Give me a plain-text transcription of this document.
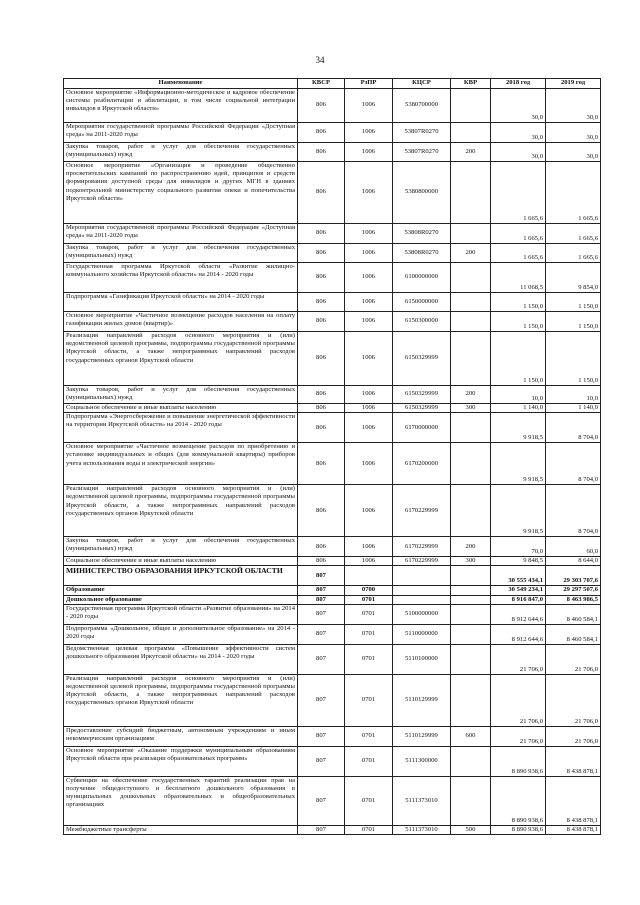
34
Наименование	КВСР	РзПР	КЦСР	КВР	2018 год	2019 год
Основное мероприятие «Информационно-методическое и кадровое обеспечение системы реабилитации и абилитации, в том числе социальной интеграции инвалидов в Иркутской области»	806	1006	5380700000		30,0	30,0
Мероприятия государственной программы Российской Федерации «Доступная среда» на 2011-2020 годы	806	1006	53807R0270		30,0	30,0
Закупка товаров, работ и услуг для обеспечения государственных (муниципальных) нужд	806	1006	53807R0270	200	30,0	30,0
Основное мероприятие «Организация и проведение общественно просветительских кампаний по распространению идей, принципов и средств формирования доступной среды для инвалидов и других МГН в зданиях подконтрольной министерству социального развития опеки и попечительства Иркутской области»	806	1006	5380800000		1 665,6	1 665,6
Мероприятия государственной программы Российской Федерации «Доступная среда» на 2011-2020 годы	806	1006	53808R0270		1 665,6	1 665,6
Закупка товаров, работ и услуг для обеспечения государственных (муниципальных) нужд	806	1006	53808R0270	200	1 665,6	1 665,6
Государственная программа Иркутской области «Развитие жилищно-коммунального хозяйства Иркутской области» на 2014 - 2020 годы	806	1006	6100000000		11 068,5	9 854,0
Подпрограмма «Газификация Иркутской области» на 2014 - 2020 годы	806	1006	6150000000		1 150,0	1 150,0
Основное мероприятие «Частичное возмещение расходов населения на оплату газификации жилых домов (квартир)»	806	1006	6150300000		1 150,0	1 150,0
Реализация направлений расходов основного мероприятия и (или) ведомственной целевой программы, подпрограммы государственной программы Иркутской области, а также непрограммных направлений расходов государственных органов Иркутской области	806	1006	6150329999		1 150,0	1 150,0
Закупка товаров, работ и услуг для обеспечения государственных (муниципальных) нужд	806	1006	6150329999	200	10,0	10,0
Социальное обеспечение и иные выплаты населению	806	1006	6150329999	300	1 140,0	1 140,0
Подпрограмма «Энергосбережение и повышение энергетической эффективности на территории Иркутской области» на 2014 - 2020 годы	806	1006	6170000000		9 918,5	8 704,0
Основное мероприятие «Частичное возмещение расходов по приобретению и установке индивидуальных и общих (для коммунальной квартиры) приборов учета использования воды и электрической энергии»	806	1006	6170200000		9 918,5	8 704,0
Реализация направлений расходов основного мероприятия и (или) ведомственной целевой программы, подпрограммы государственной программы Иркутской области, а также непрограммных направлений расходов государственных органов Иркутской области	806	1006	6170229999		9 918,5	8 704,0
Закупка товаров, работ и услуг для обеспечения государственных (муниципальных) нужд	806	1006	6170229999	200	70,0	60,0
Социальное обеспечение и иные выплаты населению	806	1006	6170229999	300	9 848,5	8 644,0
МИНИСТЕРСТВО ОБРАЗОВАНИЯ ИРКУТСКОЙ ОБЛАСТИ	807				30 555 434,1	29 303 707,6
Образование	807	0700			30 549 234,1	29 297 507,6
Дошкольное образование	807	0701			8 916 847,0	8 463 986,5
Государственная программа Иркутской области «Развитие образования» на 2014 - 2020 годы	807	0701	5100000000		8 912 644,6	8 460 584,1
Подпрограмма «Дошкольное, общее и дополнительное образование» на 2014 - 2020 годы	807	0701	5110000000		8 912 644,6	8 460 584,1
Ведомственная целевая программа «Повышение эффективности систем дошкольного образования Иркутской области» на 2014 - 2020 годы	807	0701	5110100000		21 706,0	21 706,0
Реализация направлений расходов основного мероприятия и (или) ведомственной целевой программы, подпрограммы государственной программы Иркутской области, а также непрограммных направлений расходов государственных органов Иркутской области	807	0701	5110129999		21 706,0	21 706,0
Предоставление субсидий бюджетным, автономным учреждениям и иным некоммерческим организациям	807	0701	5110129999	600	21 706,0	21 706,0
Основное мероприятие «Оказание поддержки муниципальным образованиям Иркутской области при реализации образовательных программ»	807	0701	5111300000		8 890 938,6	8 438 878,1
Субвенции на обеспечение государственных гарантий реализации прав на получение общедоступного и бесплатного дошкольного образования в муниципальных дошкольных образовательных и общеобразовательных организациях	807	0701	5111373010		8 890 938,6	8 438 878,1
Межбюджетные трансферты	807	0701	5111373010	500	8 890 938,6	8 438 878,1
